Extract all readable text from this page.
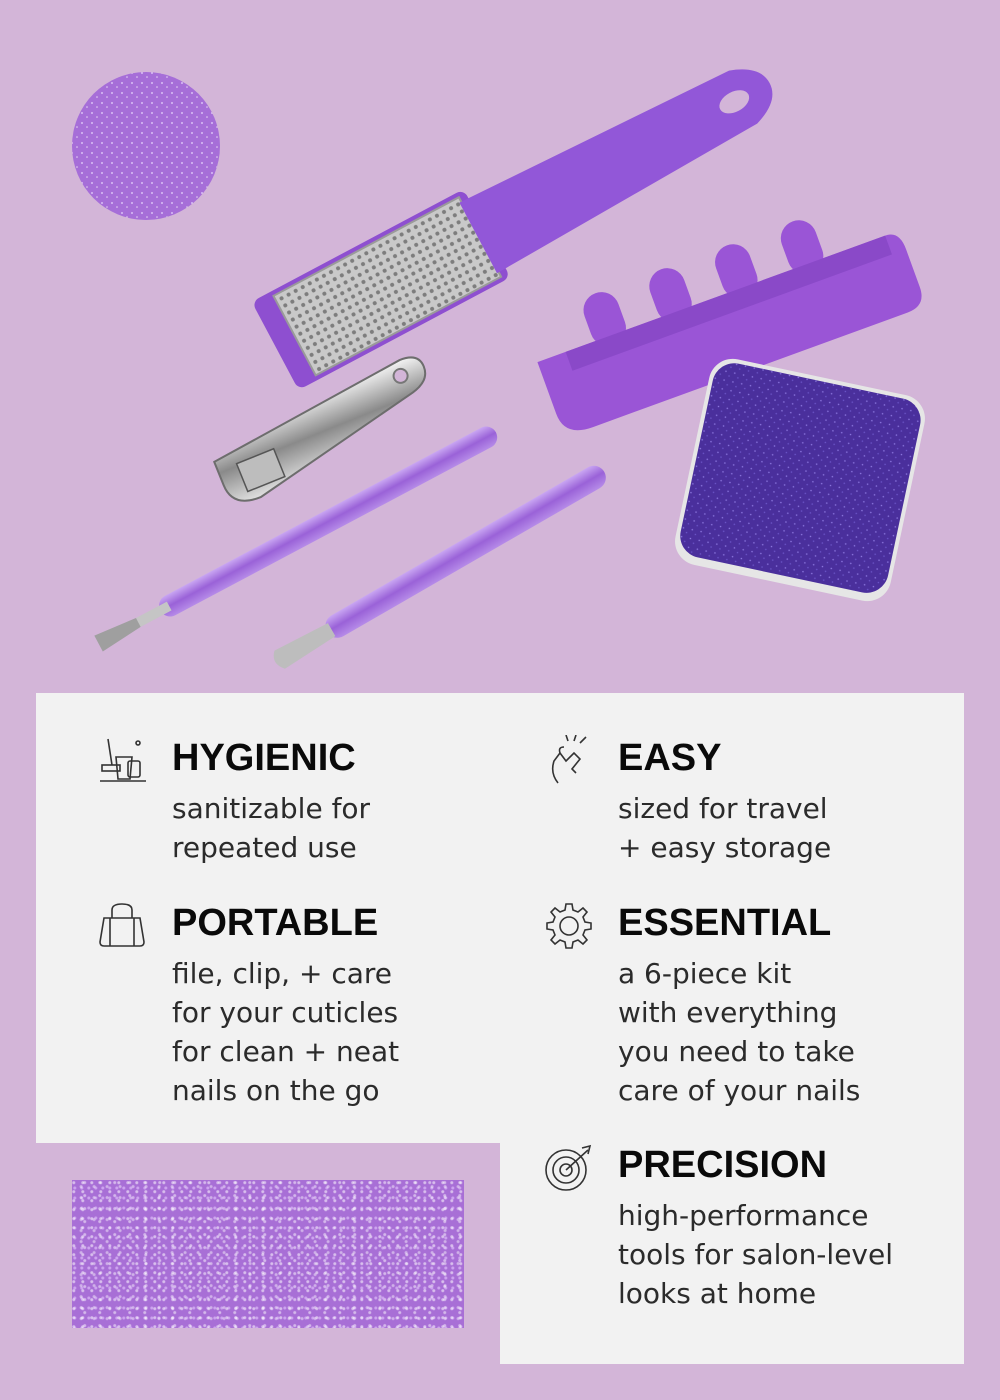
HYGIENIC
sanitizable for
repeated use
EASY
sized for travel
+ easy storage
PORTABLE
file, clip, + care
for your cuticles
for clean + neat
nails on the go
ESSENTIAL
a 6-piece kit
with everything
you need to take
care of your nails
PRECISION
high-performance
tools for salon-level
looks at home
